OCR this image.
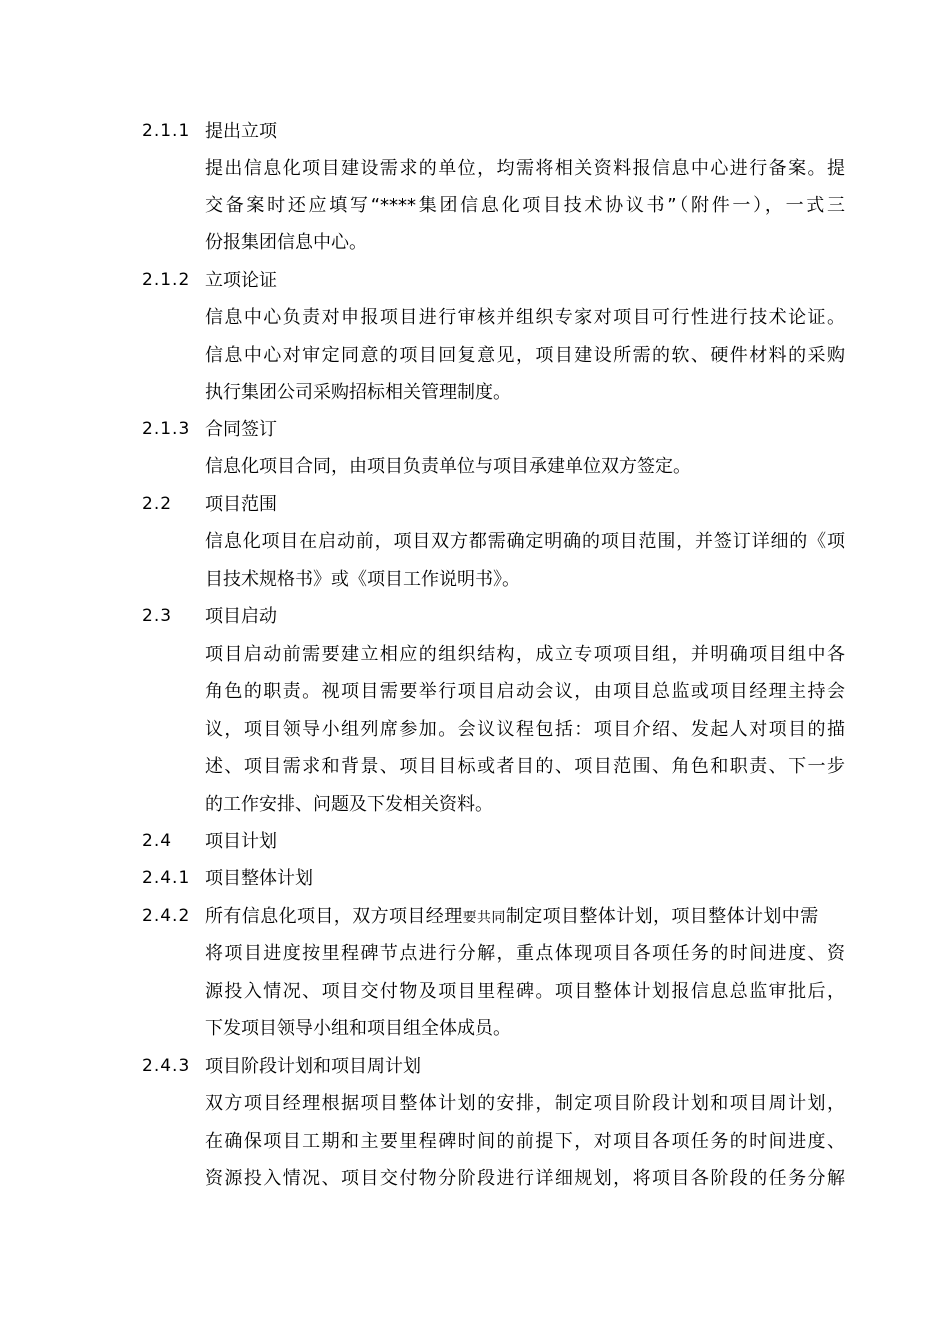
2.1.1 提出立项
提出信息化项目建设需求的单位，均需将相关资料报信息中心进行备案。提
交备案时还应填写“****集团信息化项目技术协议书”（附件一），一式三
份报集团信息中心。
2.1.2 立项论证
信息中心负责对申报项目进行审核并组织专家对项目可行性进行技术论证。
信息中心对审定同意的项目回复意见，项目建设所需的软、硬件材料的采购
执行集团公司采购招标相关管理制度。
2.1.3 合同签订
信息化项目合同，由项目负责单位与项目承建单位双方签定。
2.2 项目范围
信息化项目在启动前，项目双方都需确定明确的项目范围，并签订详细的《项
目技术规格书》或《项目工作说明书》。
2.3 项目启动
项目启动前需要建立相应的组织结构，成立专项项目组，并明确项目组中各
角色的职责。视项目需要举行项目启动会议，由项目总监或项目经理主持会
议，项目领导小组列席参加。会议议程包括：项目介绍、发起人对项目的描
述、项目需求和背景、项目目标或者目的、项目范围、角色和职责、下一步
的工作安排、问题及下发相关资料。
2.4 项目计划
2.4.1 项目整体计划
2.4.2 所有信息化项目，双方项目经理要共同制定项目整体计划，项目整体计划中需
将项目进度按里程碑节点进行分解，重点体现项目各项任务的时间进度、资
源投入情况、项目交付物及项目里程碑。项目整体计划报信息总监审批后，
下发项目领导小组和项目组全体成员。
2.4.3 项目阶段计划和项目周计划
双方项目经理根据项目整体计划的安排，制定项目阶段计划和项目周计划，
在确保项目工期和主要里程碑时间的前提下，对项目各项任务的时间进度、
资源投入情况、项目交付物分阶段进行详细规划，将项目各阶段的任务分解
